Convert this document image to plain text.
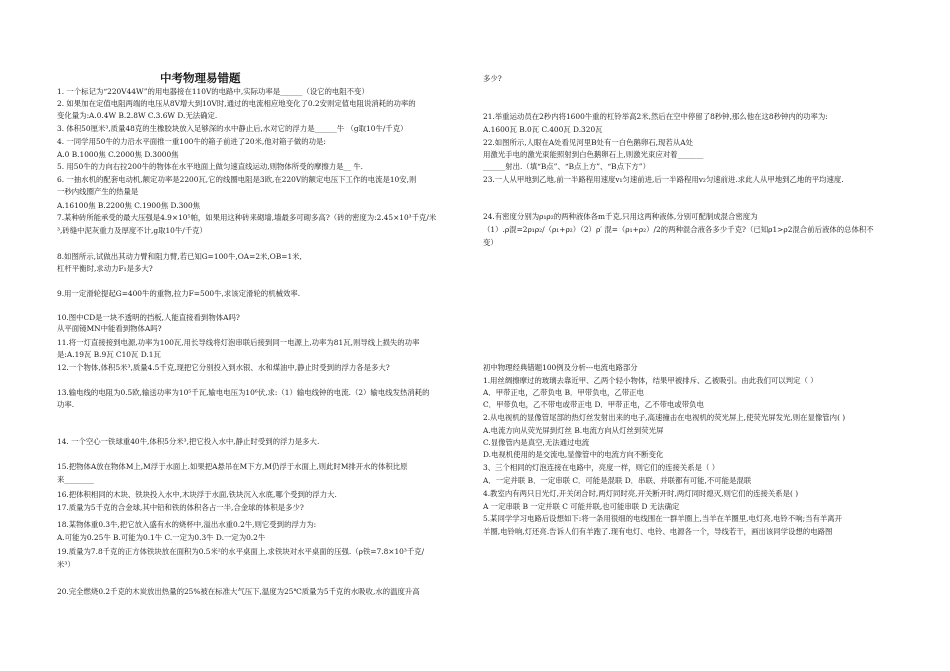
中考物理易错题
1. 一个标记为“220V44W”的用电器接在110V的电路中,实际功率是______（设它的电阻不变）
2. 如果加在定值电阻两端的电压从8V增大到10V时,通过的电流相应地变化了0.2安则定值电阻说消耗的功率的
变化量为:A.0.4W B.2.8W C.3.6W D.无法确定.
3. 体积50厘米³,质量48克的生橡胶块放入足够深的水中静止后,水对它的浮力是______牛 （g取10牛/千克）
4. 一同学用50牛的力沿水平面推一重100牛的箱子前进了20米,他对箱子做的功是:
A.0 B.1000焦 C.2000焦 D.3000焦
5. 用50牛的力向右拉200牛的物体在水平地面上做匀速直线运动,则物体所受的摩擦力是__ 牛.
6. 一抽水机的配套电动机,额定功率是2200瓦,它的线圈电阻是3欧,在220V的额定电压下工作的电流是10安,则
一秒内线圈产生的热量是
A.16100焦 B.2200焦 C.1900焦 D.300焦
7.某种砖所能承受的最大压强是4.9×10⁵帕，如果用这种砖来砌墙,墙最多可砌多高?（砖的密度为:2.45×10³千克/米
³,砖缝中泥灰重力及厚度不计,g取10牛/千克）
8.如图所示,试做出其动力臂和阻力臂,若已知G=100牛,OA=2米,OB=1米,
杠杆平衡时,求动力F₁是多大?
9.用一定滑轮提起G=400牛的重物,拉力F=500牛,求该定滑轮的机械效率.
10.图中CD是一块不透明的挡板,人能直接看到物体A吗?
从平面镜MN中能看到物体A吗?
11.将一灯直接接到电源,功率为100瓦,用长导线将灯泡串联后接到同一电源上,功率为81瓦,则导线上损失的功率
是:A.19瓦 B.9瓦 C10瓦 D.1瓦
12.一个物体,体积5米³,质量4.5千克,现把它分别投入到水银、水和煤油中,静止时受到的浮力各是多大?
13.输电线的电阻为0.5欧,输送功率为10⁵千瓦,输电电压为10⁶伏,求:（1）输电线钟的电流.（2）输电线发热消耗的
功率.
14. 一个空心一铁球重40牛,体积5分米³,把它投入水中,静止时受到的浮力是多大.
15.把物体A放在物体M上,M浮于水面上.如果把A悬吊在M下方,M仍浮于水面上,则此时M排开水的体积比原
来________
16.把体积相同的木块、铁块投入水中,木块浮于水面,铁块沉入水底,哪个受到的浮力大.
17.质量为5千克的合金球,其中铅和铁的体积各占一半,合金球的体积是多少?
18.某物体重0.3牛,把它放入盛有水的烧杯中,溢出水重0.2牛,则它受到的浮力为:
A.可能为0.25牛 B.可能为0.1牛 C.一定为0.3牛 D.一定为0.2牛
19.质量为7.8千克的正方体铁块放在面积为0.5米²的水平桌面上,求铁块对水平桌面的压强.（ρ铁=7.8×10³千克/
米³）
20.完全燃烧0.2千克的木炭放出热量的25%被在标准大气压下,温度为25℃质量为5千克的水吸收,水的温度升高
多少?
21.举重运动员在2秒内将1600牛重的杠铃举高2米,然后在空中停留了8秒钟,那么他在这8秒钟内的功率为:
A.1600瓦 B.0瓦 C.400瓦 D.320瓦
22.如图所示,人眼在A处看见河里B处有一白色鹅卵石,现若从A处
用激光手电的激光束能照射到白色鹅卵石上,则激光束应对着_______
______射出.（填“B点”、“B点上方”、“B点下方”）
23.一人从甲地到乙地,前一半路程用速度v₁匀速前进,后一半路程用v₂匀速前进.求此人从甲地到乙地的平均速度.
24.有密度分别为ρ₁ρ₂的两种液体各m千克,只用这两种液体,分别可配制成混合密度为
（1）.ρ混=2ρ₁ρ₂/（ρ₁+ρ₂）（2）ρ′ 混=（ρ₁+ρ₂）/2的两种混合液各多少千克?（已知ρ1>ρ2混合前后液体的总体积不
变）
初中物理经典错题100例及分析---电流电路部分
1.用丝绸擦摩过的玻璃去靠近甲、乙两个轻小物体，结果甲被排斥、乙被吸引。由此我们可以判定（ ）
A．甲带正电，乙带负电 B．甲带负电，乙带正电
C．甲带负电，乙不带电或带正电 D．甲带正电，乙不带电或带负电
2.从电视机的显像管尾部的热灯丝发射出来的电子,高速撞击在电视机的荧光屏上,使荧光屏发光,则在显像管内( )
A.电流方向从荧光屏到灯丝 B.电流方向从灯丝到荧光屏
C.显像管内是真空,无法通过电流
D.电视机使用的是交流电,显像管中的电流方向不断变化
3、三个相同的灯泡连接在电路中，亮度一样，则它们的连接关系是（ ）
A．一定并联 B．一定串联 C．可能是混联 D．串联、并联都有可能,不可能是混联
4.教室内有两只日光灯,开关闭合时,两灯同时亮,开关断开时,两灯同时熄灭,则它们的连接关系是( )
A 一定串联 B 一定并联 C 可能并联,也可能串联 D 无法确定
5.某同学学习电路后设想如下:将一条用很细的电线围在一群羊圈上,当羊在羊圈里,电灯亮,电铃不响;当有羊离开
羊圈,电铃响,灯还亮.告诉人们有羊跑了.现有电灯、电铃、电源各一个，导线若干，画出该同学设想的电路图
